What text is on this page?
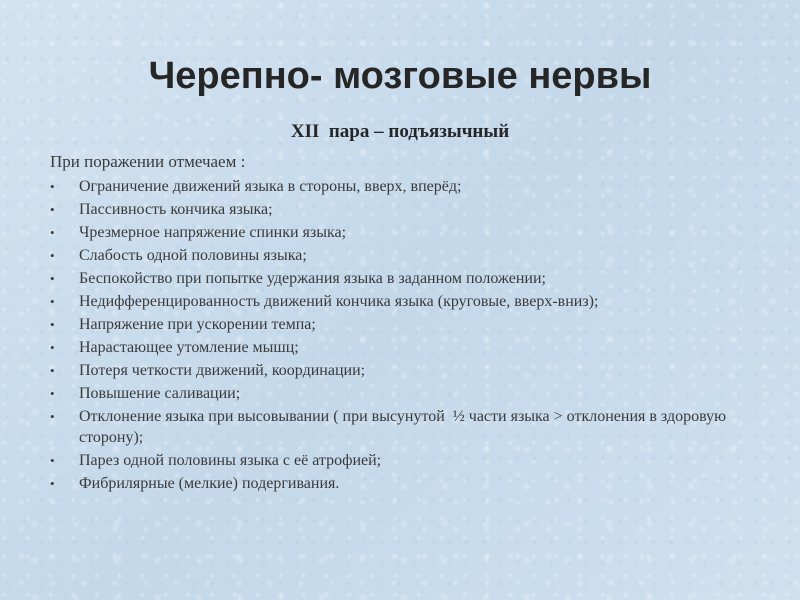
Черепно- мозговые нервы

XII  пара – подъязычный

При поражении отмечаем :

• Ограничение движений языка в стороны, вверх, вперёд;
• Пассивность кончика языка;
• Чрезмерное напряжение спинки языка;
• Слабость одной половины языка;
• Беспокойство при попытке удержания языка в заданном положении;
• Недифференцированность движений кончика языка (круговые, вверх-вниз);
• Напряжение при ускорении темпа;
• Нарастающее утомление мышц;
• Потеря четкости движений, координации;
• Повышение саливации;
• Отклонение языка при высовывании ( при высунутой  ½ части языка > отклонения в здоровую сторону);
• Парез одной половины языка с её атрофией;
• Фибрилярные (мелкие) подергивания.
